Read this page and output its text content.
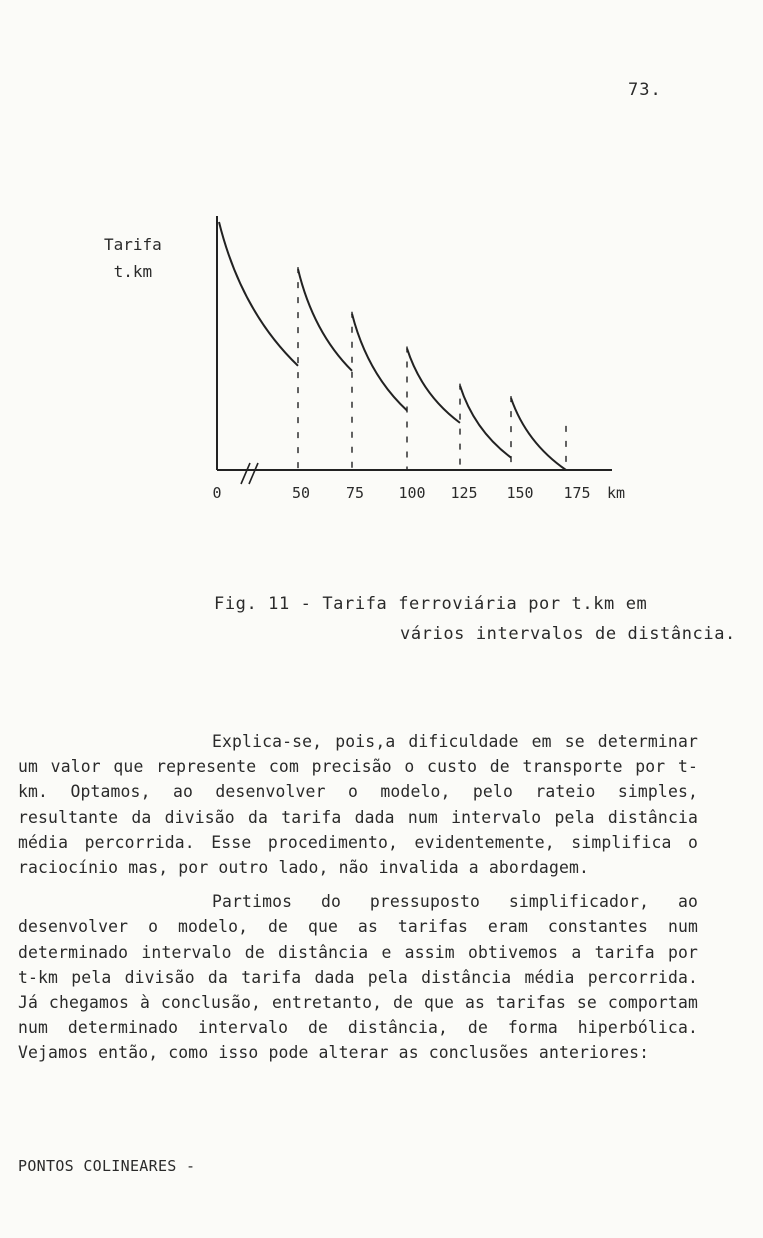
73.
Tarifa
t.km
0	50 75 100 125 150 175 km
Fig. 11 - Tarifa ferroviária por t.km em
vários intervalos de distância.

Explica-se, pois,a dificuldade em se determinar um valor que represente com precisão o custo de transporte por t-km. Optamos, ao desenvolver o modelo, pelo rateio simples, resultante da divisão da tarifa dada num intervalo pela distância média percorrida. Esse procedimento, evidentemente, simplifica o raciocínio mas, por outro lado, não invalida a abordagem.

Partimos do pressuposto simplificador, ao desenvolver o modelo, de que as tarifas eram constantes num determinado intervalo de distância e assim obtivemos a tarifa por t-km pela divisão da tarifa dada pela distância média percorrida. Já chegamos à conclusão, entretanto, de que as tarifas se comportam num determinado intervalo de distância, de forma hiperbólica. Vejamos então, como isso pode alterar as conclusões anteriores:

PONTOS COLINEARES -
